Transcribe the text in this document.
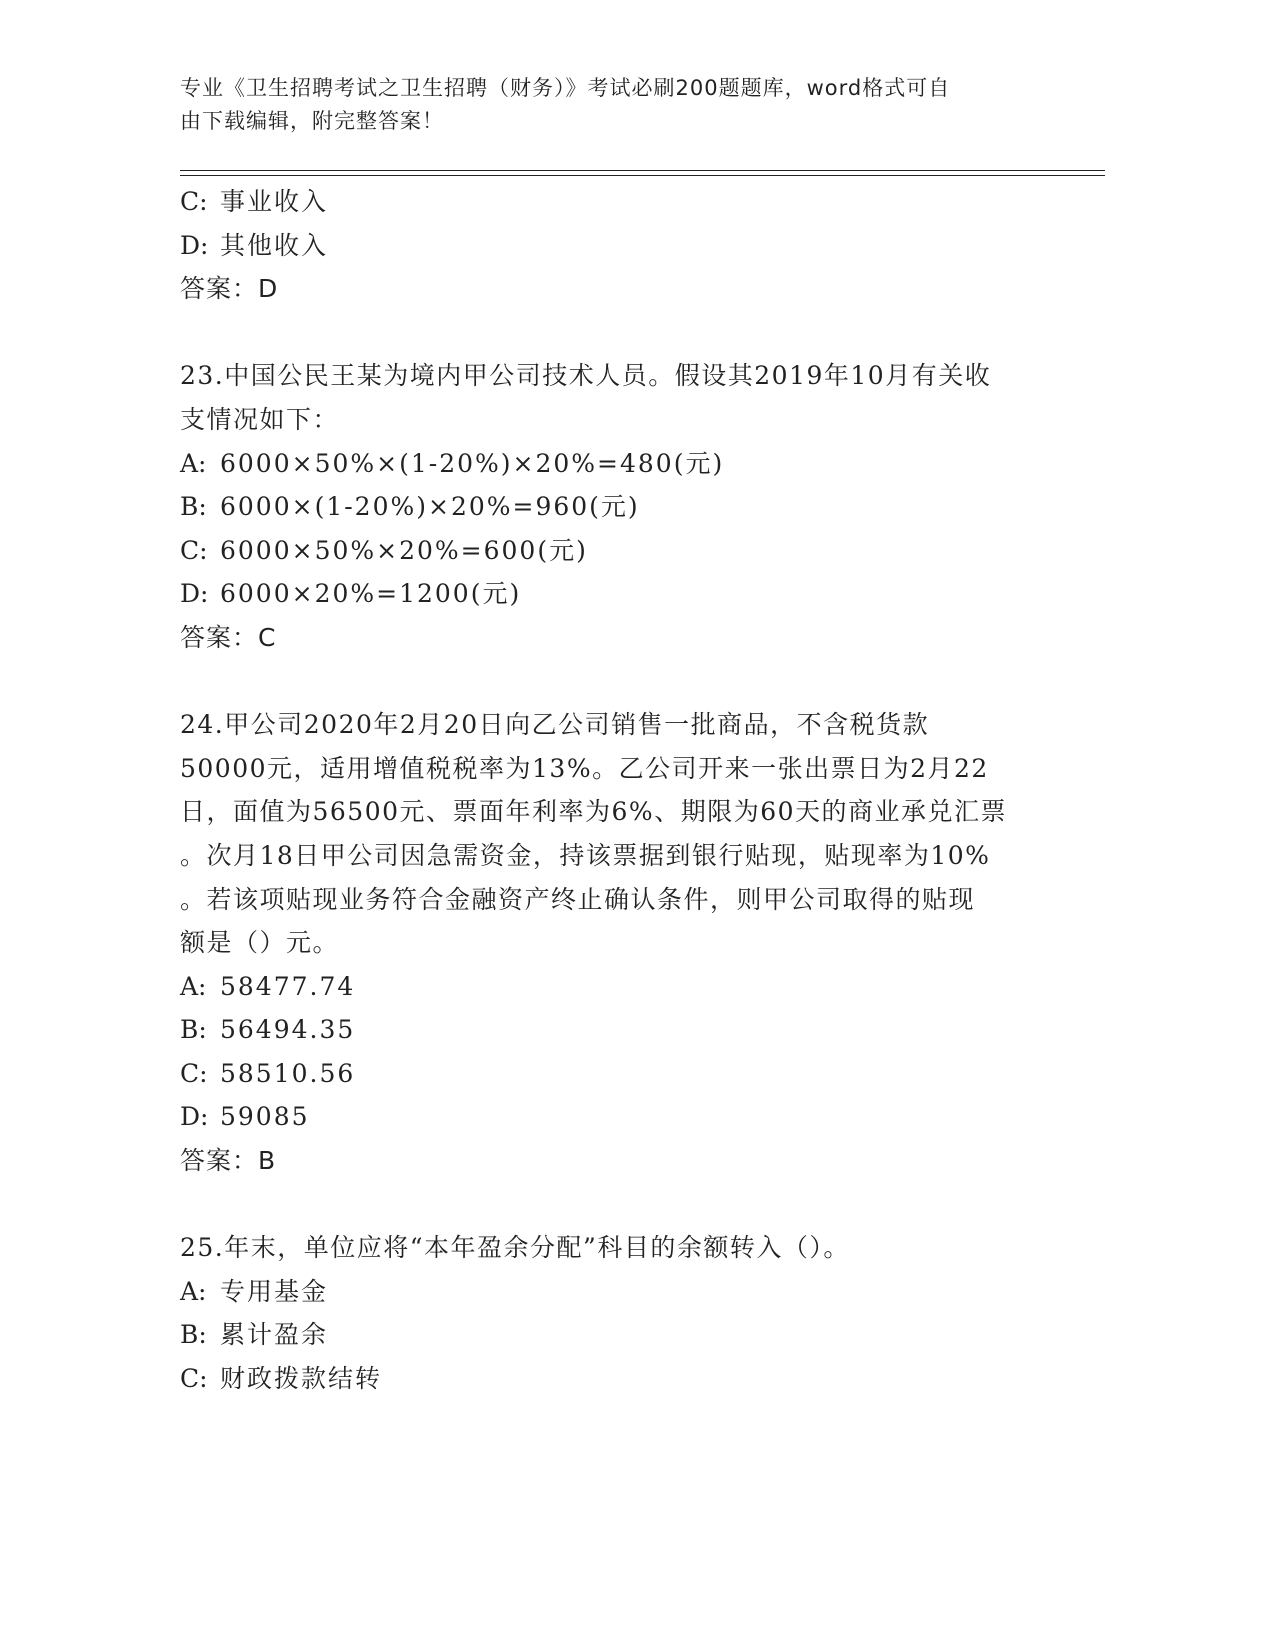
专业《卫生招聘考试之卫生招聘（财务）》考试必刷200题题库，word格式可自
由下载编辑，附完整答案！
C: 事业收入
D: 其他收入
答案：D
23.中国公民王某为境内甲公司技术人员。假设其2019年10月有关收
支情况如下：
A: 6000×50%×(1-20%)×20%=480(元)
B: 6000×(1-20%)×20%=960(元)
C: 6000×50%×20%=600(元)
D: 6000×20%=1200(元)
答案：C
24.甲公司2020年2月20日向乙公司销售一批商品，不含税货款
50000元，适用增值税税率为13%。乙公司开来一张出票日为2月22
日，面值为56500元、票面年利率为6%、期限为60天的商业承兑汇票
。次月18日甲公司因急需资金，持该票据到银行贴现，贴现率为10%
。若该项贴现业务符合金融资产终止确认条件，则甲公司取得的贴现
额是（）元。
A: 58477.74
B: 56494.35
C: 58510.56
D: 59085
答案：B
25.年末，单位应将“本年盈余分配”科目的余额转入（）。
A: 专用基金
B: 累计盈余
C: 财政拨款结转
